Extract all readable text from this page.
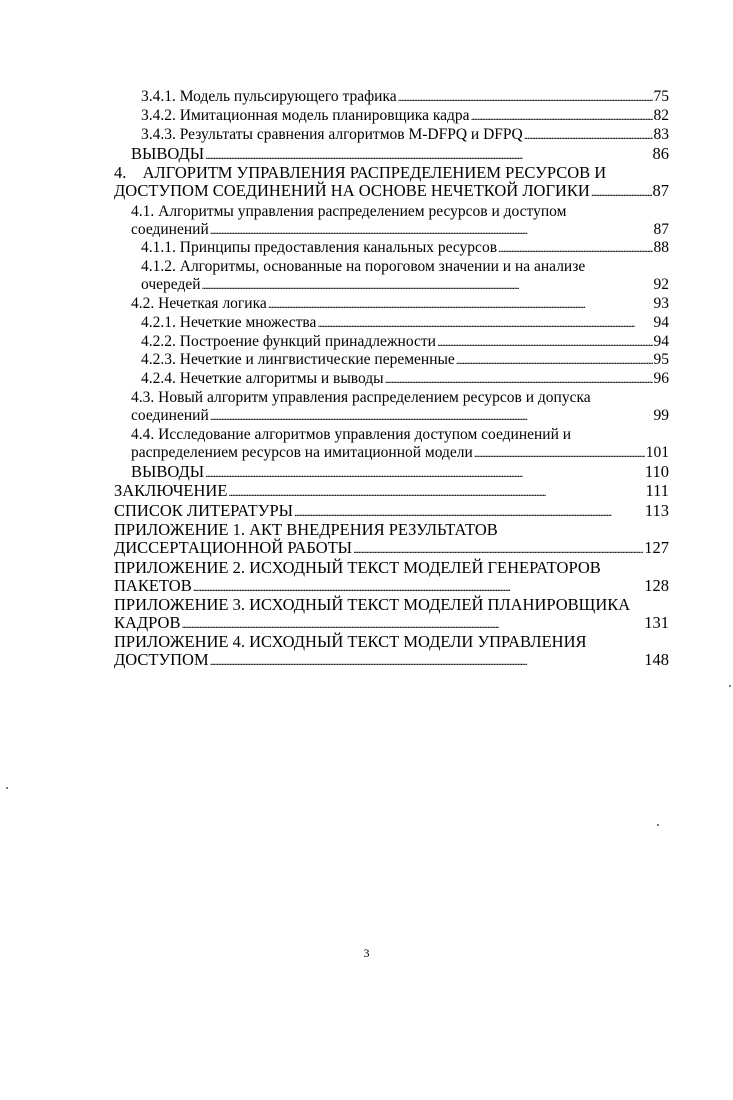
3.4.1. Модель пульсирующего трафика . . .	75
3.4.2. Имитационная модель планировщика кадра . . .	82
3.4.3. Результаты сравнения алгоритмов M-DFPQ и DFPQ . . .	83
ВЫВОДЫ . . .	86
4. АЛГОРИТМ УПРАВЛЕНИЯ РАСПРЕДЕЛЕНИЕМ РЕСУРСОВ И
ДОСТУПОМ СОЕДИНЕНИЙ НА ОСНОВЕ НЕЧЕТКОЙ ЛОГИКИ . . .	87
4.1. Алгоритмы управления распределением ресурсов и доступом
соединений . . .	87
4.1.1. Принципы предоставления канальных ресурсов . . .	88
4.1.2. Алгоритмы, основанные на пороговом значении и на анализе
очередей . . .	92
4.2. Нечеткая логика . . .	93
4.2.1. Нечеткие множества . . .	94
4.2.2. Построение функций принадлежности . . .	94
4.2.3. Нечеткие и лингвистические переменные . . .	95
4.2.4. Нечеткие алгоритмы и выводы . . .	96
4.3. Новый алгоритм управления распределением ресурсов и допуска
соединений . . .	99
4.4. Исследование алгоритмов управления доступом соединений и
распределением ресурсов на имитационной модели . . .	101
ВЫВОДЫ . . .	110
ЗАКЛЮЧЕНИЕ . . .	111
СПИСОК ЛИТЕРАТУРЫ . . .	113
ПРИЛОЖЕНИЕ 1. АКТ ВНЕДРЕНИЯ РЕЗУЛЬТАТОВ
ДИССЕРТАЦИОННОЙ РАБОТЫ . . .	127
ПРИЛОЖЕНИЕ 2. ИСХОДНЫЙ ТЕКСТ МОДЕЛЕЙ ГЕНЕРАТОРОВ
ПАКЕТОВ . . .	128
ПРИЛОЖЕНИЕ 3. ИСХОДНЫЙ ТЕКСТ МОДЕЛЕЙ ПЛАНИРОВЩИКА
КАДРОВ . . .	131
ПРИЛОЖЕНИЕ 4. ИСХОДНЫЙ ТЕКСТ МОДЕЛИ УПРАВЛЕНИЯ
ДОСТУПОМ . . .	148
3
